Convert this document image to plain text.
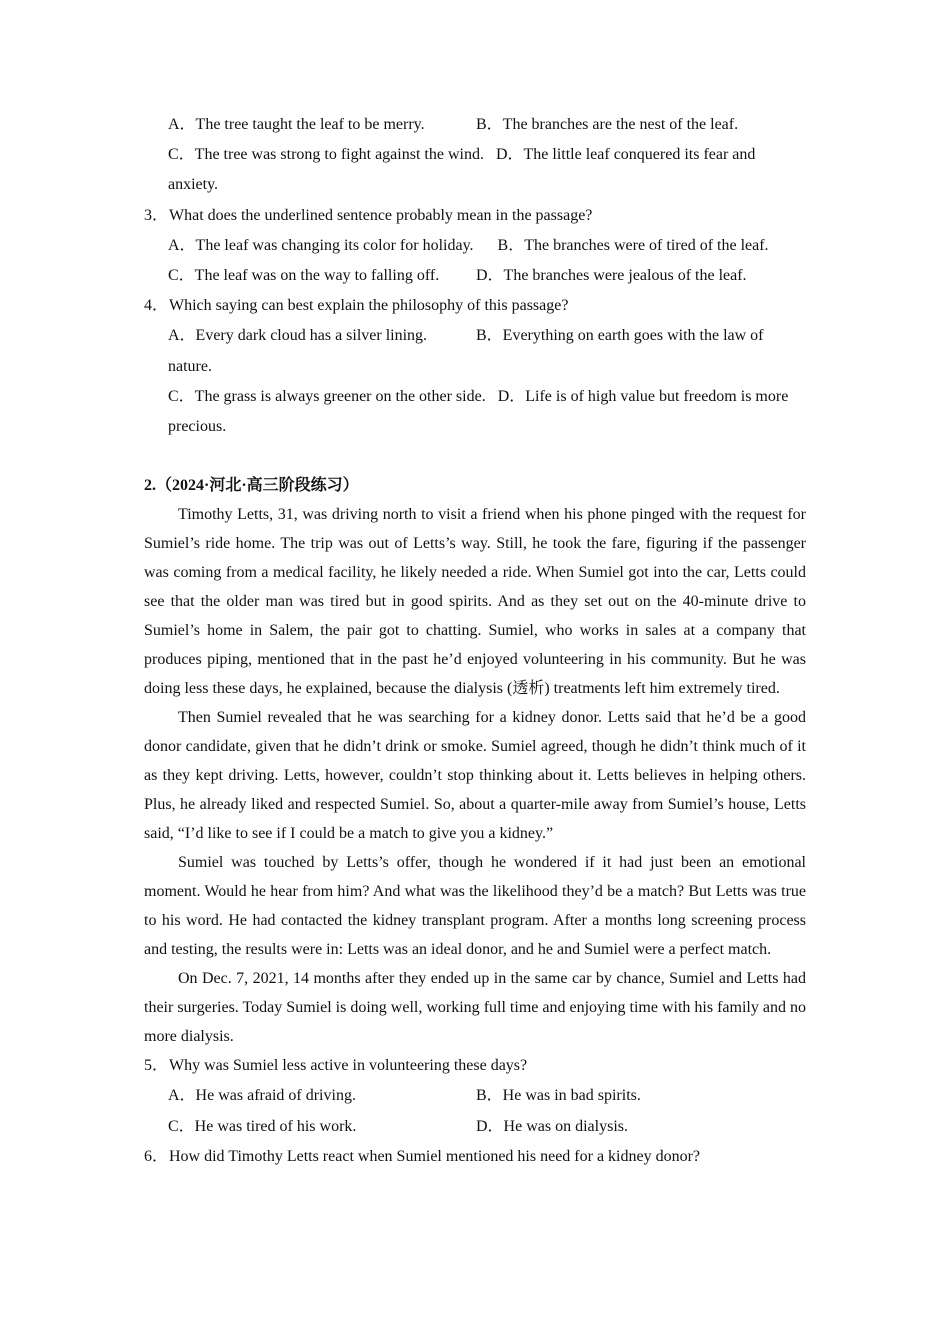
A．The tree taught the leaf to be merry.	B．The branches are the nest of the leaf.
C．The tree was strong to fight against the wind. D．The little leaf conquered its fear and anxiety.
3．What does the underlined sentence probably mean in the passage?
A．The leaf was changing its color for holiday. B．The branches were of tired of the leaf.
C．The leaf was on the way to falling off. D．The branches were jealous of the leaf.
4．Which saying can best explain the philosophy of this passage?
A．Every dark cloud has a silver lining.	B．Everything on earth goes with the law of nature.
C．The grass is always greener on the other side. D．Life is of high value but freedom is more precious.
2.（2024·河北·高三阶段练习）
Timothy Letts, 31, was driving north to visit a friend when his phone pinged with the request for Sumiel’s ride home. The trip was out of Letts’s way. Still, he took the fare, figuring if the passenger was coming from a medical facility, he likely needed a ride. When Sumiel got into the car, Letts could see that the older man was tired but in good spirits. And as they set out on the 40-minute drive to Sumiel’s home in Salem, the pair got to chatting. Sumiel, who works in sales at a company that produces piping, mentioned that in the past he’d enjoyed volunteering in his community. But he was doing less these days, he explained, because the dialysis (透析) treatments left him extremely tired.
Then Sumiel revealed that he was searching for a kidney donor. Letts said that he’d be a good donor candidate, given that he didn’t drink or smoke. Sumiel agreed, though he didn’t think much of it as they kept driving. Letts, however, couldn’t stop thinking about it. Letts believes in helping others. Plus, he already liked and respected Sumiel. So, about a quarter-mile away from Sumiel’s house, Letts said, “I’d like to see if I could be a match to give you a kidney.”
Sumiel was touched by Letts’s offer, though he wondered if it had just been an emotional moment. Would he hear from him? And what was the likelihood they’d be a match? But Letts was true to his word. He had contacted the kidney transplant program. After a months long screening process and testing, the results were in: Letts was an ideal donor, and he and Sumiel were a perfect match.
On Dec. 7, 2021, 14 months after they ended up in the same car by chance, Sumiel and Letts had their surgeries. Today Sumiel is doing well, working full time and enjoying time with his family and no more dialysis.
5．Why was Sumiel less active in volunteering these days?
A．He was afraid of driving.	B．He was in bad spirits.
C．He was tired of his work.	D．He was on dialysis.
6．How did Timothy Letts react when Sumiel mentioned his need for a kidney donor?
